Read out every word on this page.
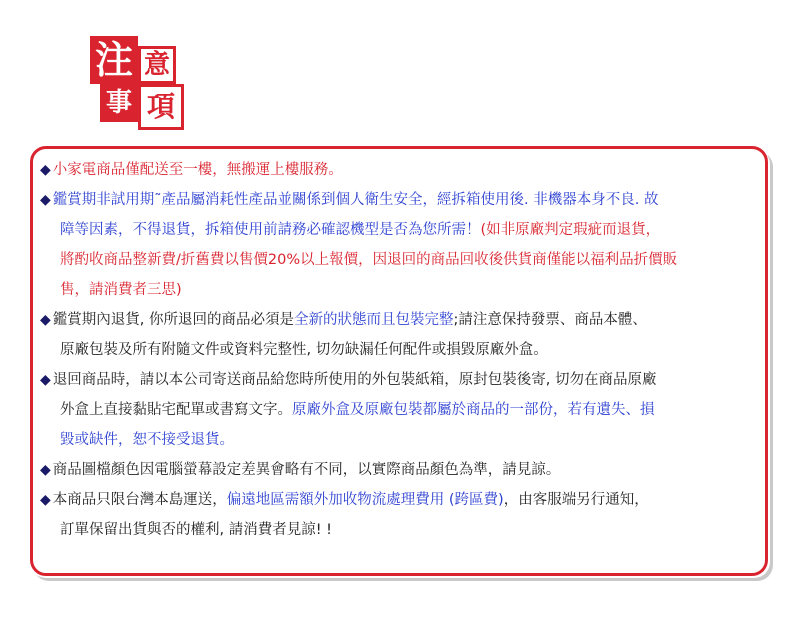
注 意
事 項

◆ 小家電商品僅配送至一樓，無搬運上樓服務。

◆ 鑑賞期非試用期˜產品屬消耗性產品並關係到個人衛生安全，經拆箱使用後. 非機器本身不良. 故

障等因素，不得退貨，拆箱使用前請務必確認機型是否為您所需！(如非原廠判定瑕疵而退貨，

將酌收商品整新費/折舊費以售價20%以上報價，因退回的商品回收後供貨商僅能以福利品折價販

售，請消費者三思)

◆ 鑑賞期內退貨, 你所退回的商品必須是全新的狀態而且包裝完整;請注意保持發票、商品本體、

原廠包裝及所有附隨文件或資料完整性, 切勿缺漏任何配件或損毀原廠外盒。

◆ 退回商品時，請以本公司寄送商品給您時所使用的外包裝紙箱，原封包裝後寄, 切勿在商品原廠

外盒上直接黏貼宅配單或書寫文字。原廠外盒及原廠包裝都屬於商品的一部份，若有遺失、損

毀或缺件，恕不接受退貨。

◆ 商品圖檔顏色因電腦螢幕設定差異會略有不同，以實際商品顏色為準，請見諒。

◆ 本商品只限台灣本島運送，偏遠地區需額外加收物流處理費用 (跨區費)，由客服端另行通知，

訂單保留出貨與否的權利, 請消費者見諒! !
